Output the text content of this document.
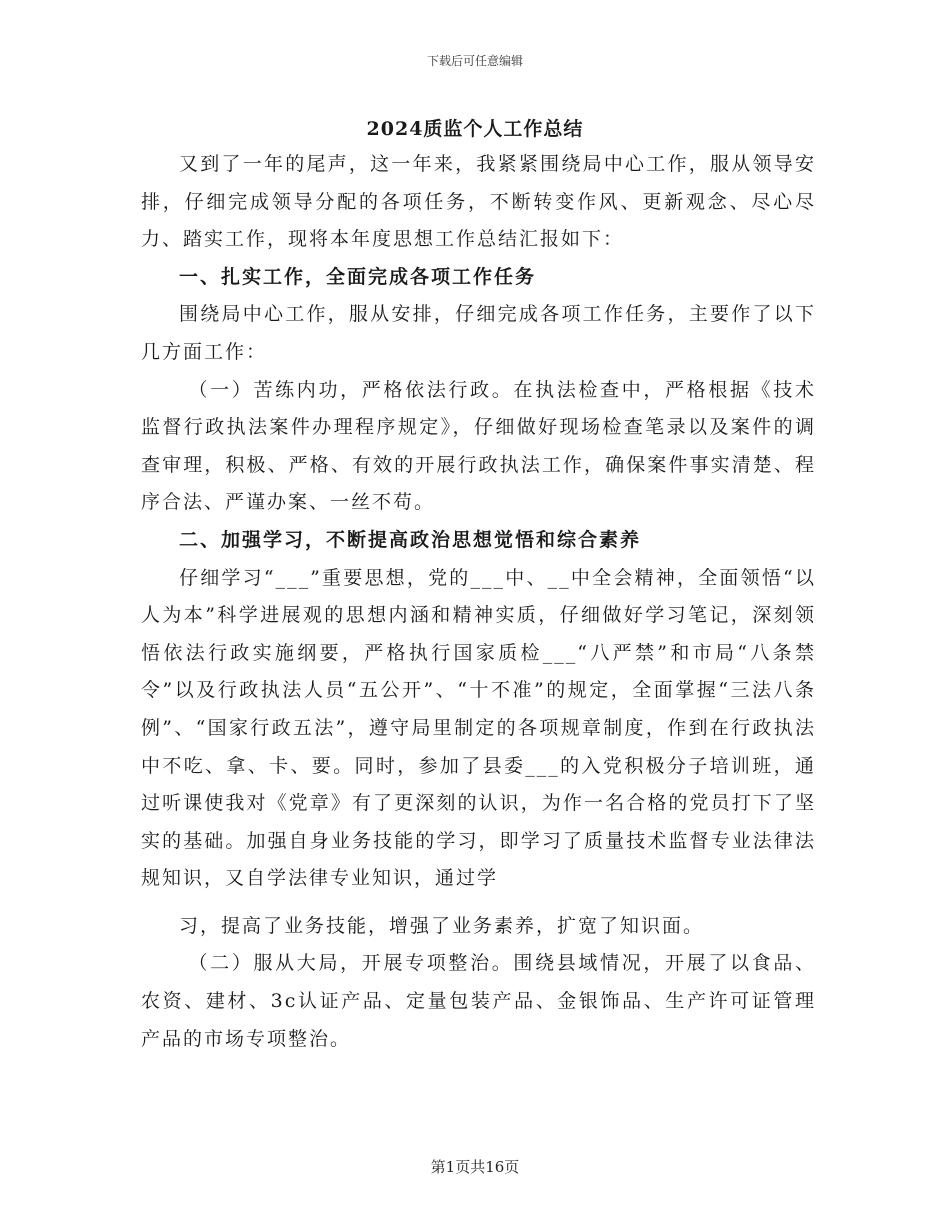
下载后可任意编辑
2024质监个人工作总结

又到了一年的尾声，这一年来，我紧紧围绕局中心工作，服从领导安排，仔细完成领导分配的各项任务，不断转变作风、更新观念、尽心尽力、踏实工作，现将本年度思想工作总结汇报如下：

一、扎实工作，全面完成各项工作任务

围绕局中心工作，服从安排，仔细完成各项工作任务，主要作了以下几方面工作：

（一）苦练内功，严格依法行政。在执法检查中，严格根据《技术监督行政执法案件办理程序规定》，仔细做好现场检查笔录以及案件的调查审理，积极、严格、有效的开展行政执法工作，确保案件事实清楚、程序合法、严谨办案、一丝不苟。

二、加强学习，不断提高政治思想觉悟和综合素养

仔细学习“___”重要思想，党的___中、__中全会精神，全面领悟“以人为本”科学进展观的思想内涵和精神实质，仔细做好学习笔记，深刻领悟依法行政实施纲要，严格执行国家质检___“八严禁”和市局“八条禁令”以及行政执法人员“五公开”、“十不准”的规定，全面掌握“三法八条例”、“国家行政五法”，遵守局里制定的各项规章制度，作到在行政执法中不吃、拿、卡、要。同时，参加了县委___的入党积极分子培训班，通过听课使我对《党章》有了更深刻的认识，为作一名合格的党员打下了坚实的基础。加强自身业务技能的学习，即学习了质量技术监督专业法律法规知识，又自学法律专业知识，通过学

习，提高了业务技能，增强了业务素养，扩宽了知识面。

（二）服从大局，开展专项整治。围绕县域情况，开展了以食品、农资、建材、3c认证产品、定量包装产品、金银饰品、生产许可证管理产品的市场专项整治。

第1页共16页
